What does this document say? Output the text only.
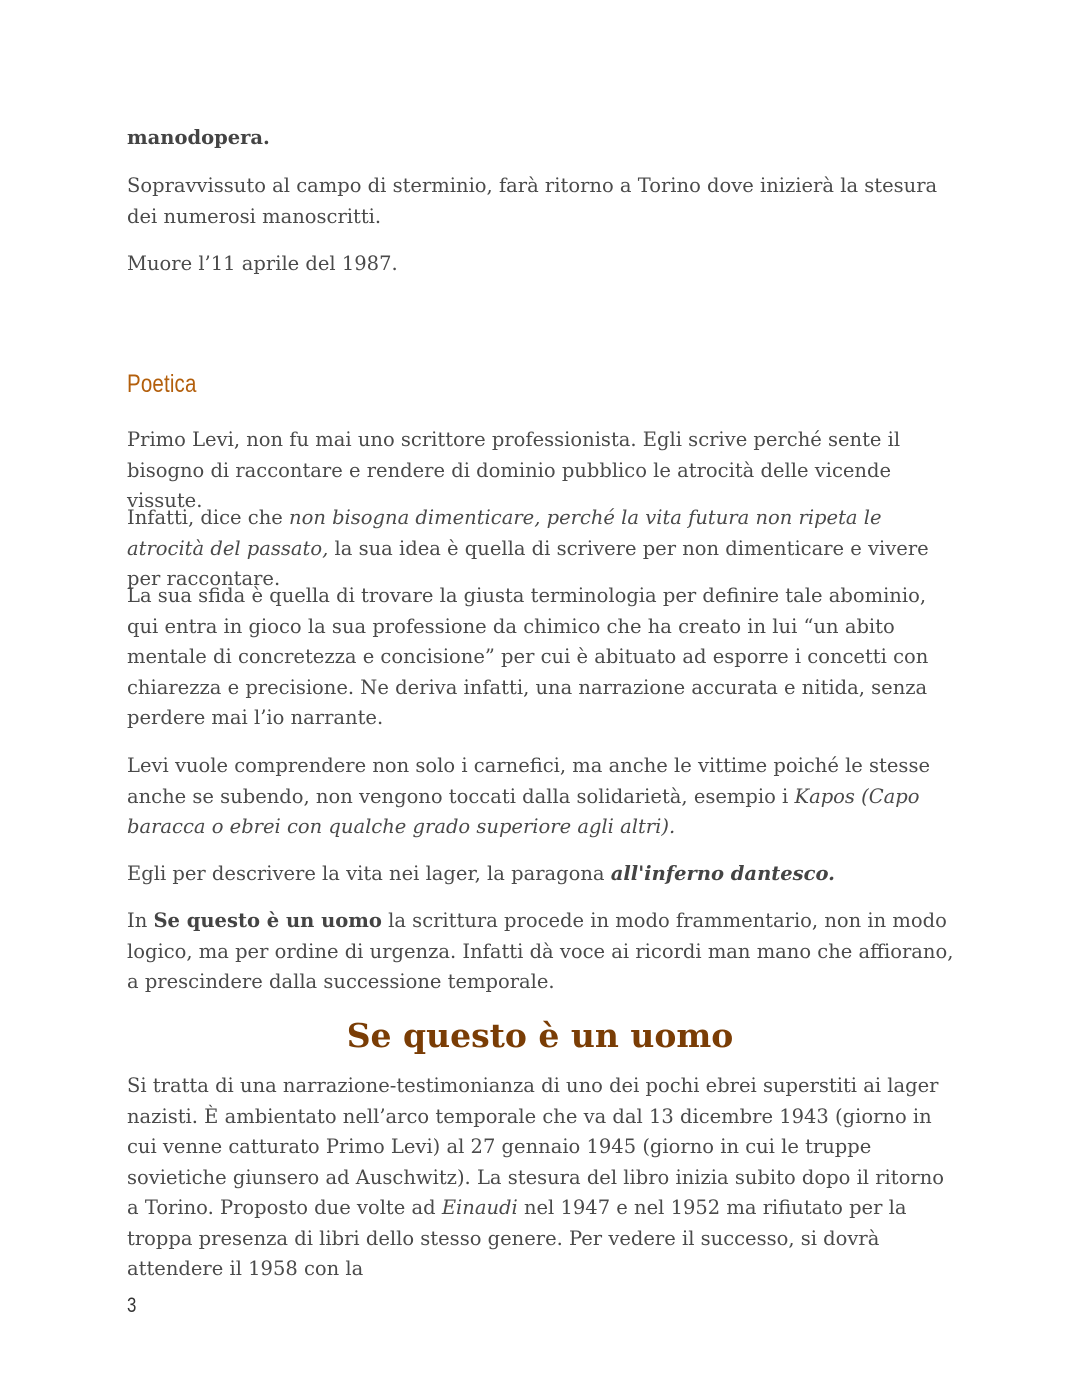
manodopera.

Sopravvissuto al campo di sterminio, farà ritorno a Torino dove inizierà la stesura dei numerosi manoscritti.

Muore l’11 aprile del 1987.

Poetica

Primo Levi, non fu mai uno scrittore professionista. Egli scrive perché sente il bisogno di raccontare e rendere di dominio pubblico le atrocità delle vicende vissute.

Infatti, dice che non bisogna dimenticare, perché la vita futura non ripeta le atrocità del passato, la sua idea è quella di scrivere per non dimenticare e vivere per raccontare.

La sua sfida è quella di trovare la giusta terminologia per definire tale abominio, qui entra in gioco la sua professione da chimico che ha creato in lui “un abito mentale di concretezza e concisione” per cui è abituato ad esporre i concetti con chiarezza e precisione. Ne deriva infatti, una narrazione accurata e nitida, senza perdere mai l’io narrante.

Levi vuole comprendere non solo i carnefici, ma anche le vittime poiché le stesse anche se subendo, non vengono toccati dalla solidarietà, esempio i Kapos (Capo baracca o ebrei con qualche grado superiore agli altri).

Egli per descrivere la vita nei lager, la paragona all'inferno dantesco.

In Se questo è un uomo la scrittura procede in modo frammentario, non in modo logico, ma per ordine di urgenza. Infatti dà voce ai ricordi man mano che affiorano, a prescindere dalla successione temporale.

Se questo è un uomo

Si tratta di una narrazione-testimonianza di uno dei pochi ebrei superstiti ai lager nazisti. È ambientato nell’arco temporale che va dal 13 dicembre 1943 (giorno in cui venne catturato Primo Levi) al 27 gennaio 1945 (giorno in cui le truppe sovietiche giunsero ad Auschwitz). La stesura del libro inizia subito dopo il ritorno a Torino. Proposto due volte ad Einaudi nel 1947 e nel 1952 ma rifiutato per la troppa presenza di libri dello stesso genere. Per vedere il successo, si dovrà attendere il 1958 con la

3
